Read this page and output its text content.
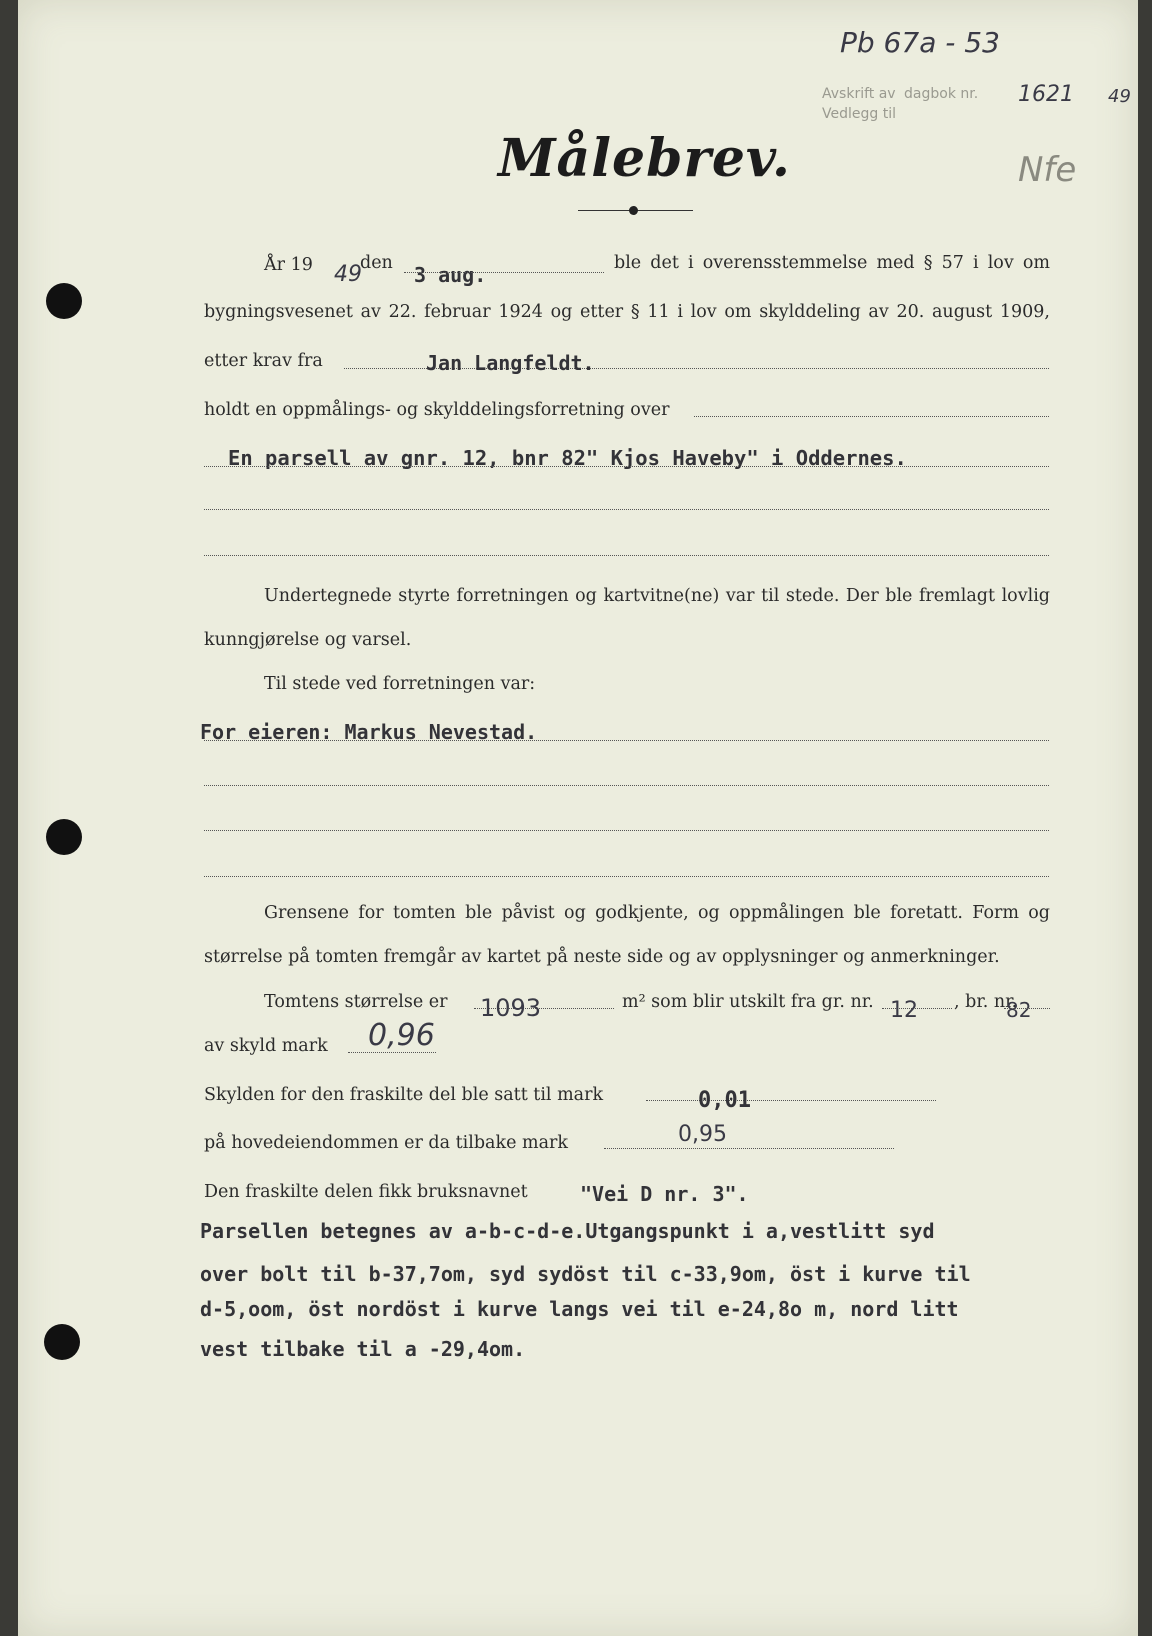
Pb 67a - 53
Avskrift av dagbok nr.
Vedlegg til
1621 49
Nfe
Målebrev.
År 19 49
den 3 aug.	ble det i overensstemmelse med § 57 i lov om
bygningsvesenet av 22. februar 1924 og etter § 11 i lov om skylddeling av 20. august 1909,
etter krav fra	Jan Langfeldt.
holdt en oppmålings- og skylddelingsforretning over
En parsell av gnr. 12, bnr 82" Kjos Haveby" i Oddernes.
Undertegnede styrte forretningen og kartvitne(ne) var til stede. Der ble fremlagt lovlig
kunngjørelse og varsel.
Til stede ved forretningen var:
For eieren: Markus Nevestad.
Grensene for tomten ble påvist og godkjente, og oppmålingen ble foretatt. Form og
størrelse på tomten fremgår av kartet på neste side og av opplysninger og anmerkninger.
Tomtens størrelse er 1093	m² som blir utskilt fra gr. nr. 12 , br. nr.
82
av skyld mark 0,96
Skylden for den fraskilte del ble satt til mark	0,01
på hovedeiendommen er da tilbake mark	0,95
Den fraskilte delen fikk bruksnavnet	"Vei D nr. 3".
Parsellen betegnes av a-b-c-d-e.Utgangspunkt i a,vestlitt syd
over bolt til b-37,7om, syd sydöst til c-33,9om, öst i kurve til
d-5,oom, öst nordöst i kurve langs vei til e-24,8o m, nord litt
vest tilbake til a -29,4om.
